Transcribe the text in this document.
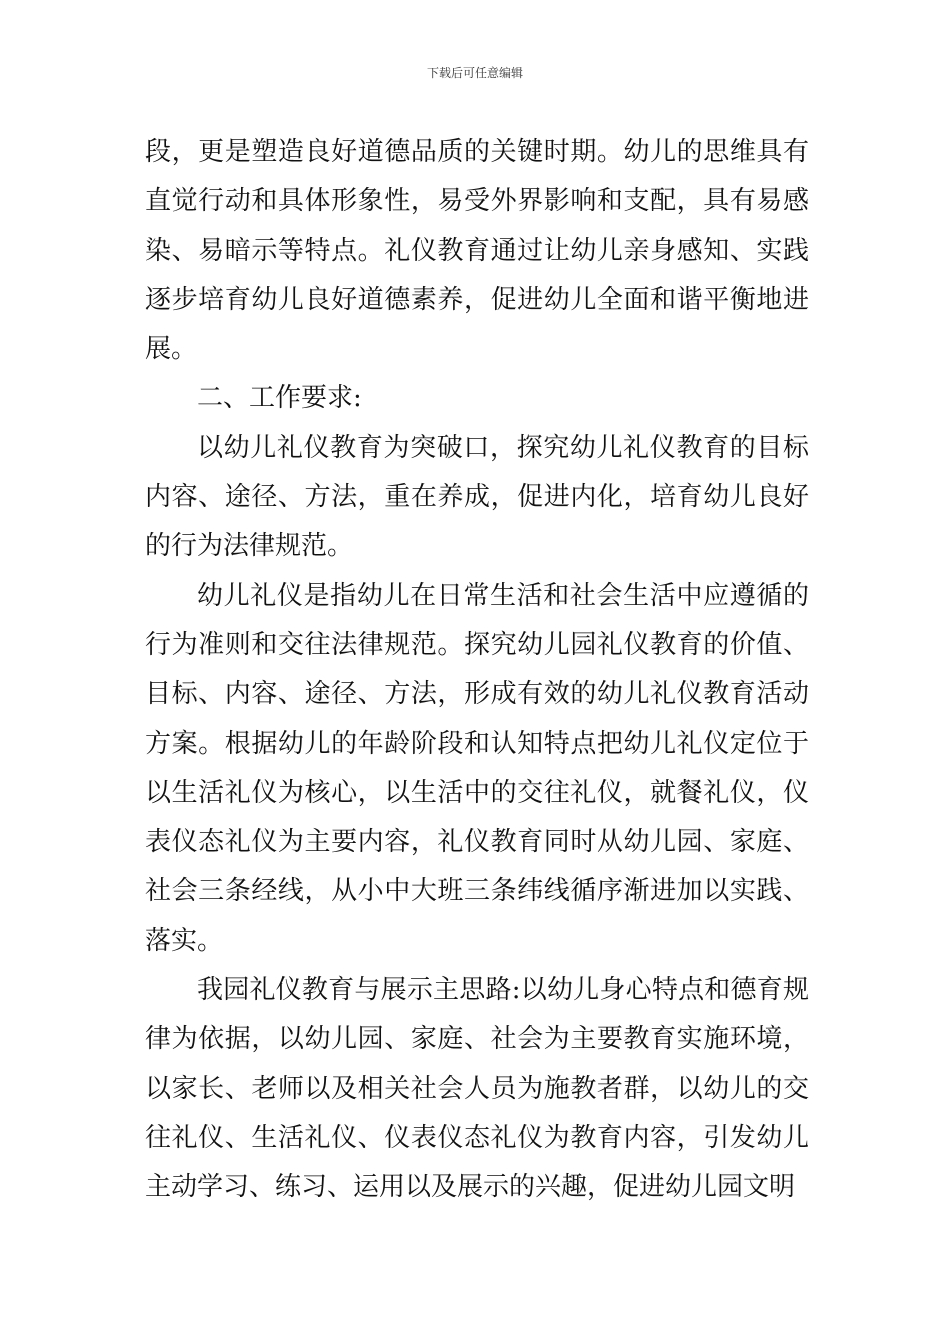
下载后可任意编辑

段，更是塑造良好道德品质的关键时期。幼儿的思维具有直觉行动和具体形象性，易受外界影响和支配，具有易感染、易暗示等特点。礼仪教育通过让幼儿亲身感知、实践逐步培育幼儿良好道德素养，促进幼儿全面和谐平衡地进展。

二、工作要求:

以幼儿礼仪教育为突破口，探究幼儿礼仪教育的目标内容、途径、方法，重在养成，促进内化，培育幼儿良好的行为法律规范。

幼儿礼仪是指幼儿在日常生活和社会生活中应遵循的行为准则和交往法律规范。探究幼儿园礼仪教育的价值、目标、内容、途径、方法，形成有效的幼儿礼仪教育活动方案。根据幼儿的年龄阶段和认知特点把幼儿礼仪定位于以生活礼仪为核心，以生活中的交往礼仪，就餐礼仪，仪表仪态礼仪为主要内容，礼仪教育同时从幼儿园、家庭、社会三条经线，从小中大班三条纬线循序渐进加以实践、落实。

我园礼仪教育与展示主思路:以幼儿身心特点和德育规律为依据，以幼儿园、家庭、社会为主要教育实施环境，以家长、老师以及相关社会人员为施教者群，以幼儿的交往礼仪、生活礼仪、仪表仪态礼仪为教育内容，引发幼儿主动学习、练习、运用以及展示的兴趣，促进幼儿园文明
